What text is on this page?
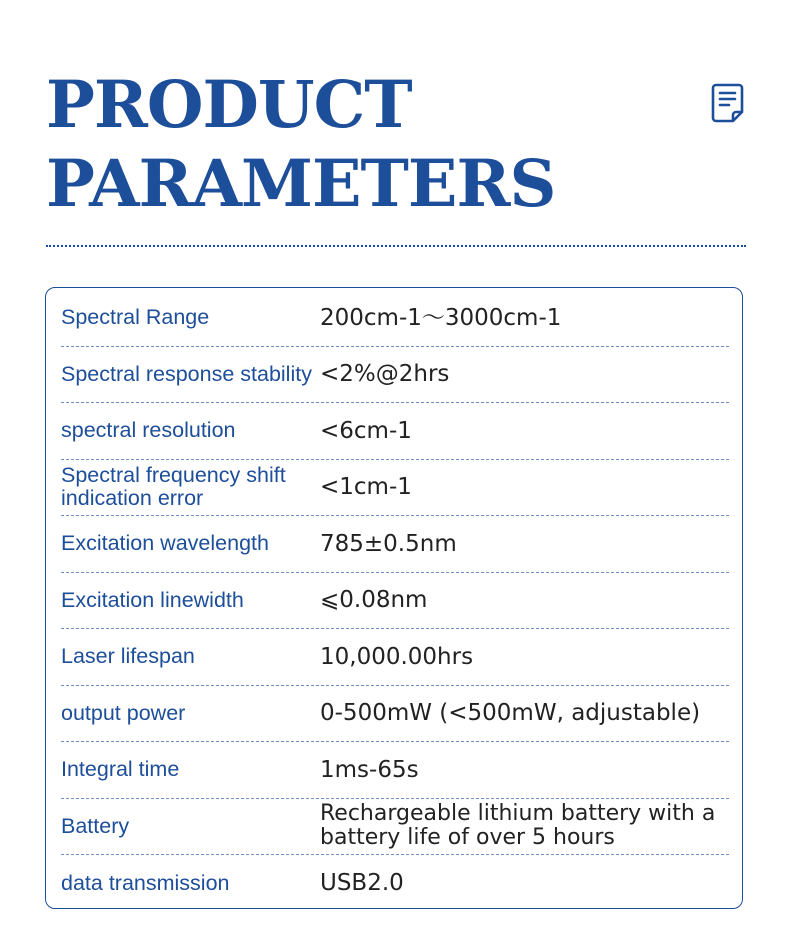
PRODUCT
PARAMETERS
Spectral Range	200cm-1～3000cm-1
Spectral response stability <2%@2hrs
spectral resolution	<6cm-1
Spectral frequency shift indication error	<1cm-1
Excitation wavelength	785±0.5nm
Excitation linewidth	⩽0.08nm
Laser lifespan	10,000.00hrs
output power	0-500mW (<500mW, adjustable)
Integral time	1ms-65s
Battery	Rechargeable lithium battery with a battery life of over 5 hours
data transmission	USB2.0
